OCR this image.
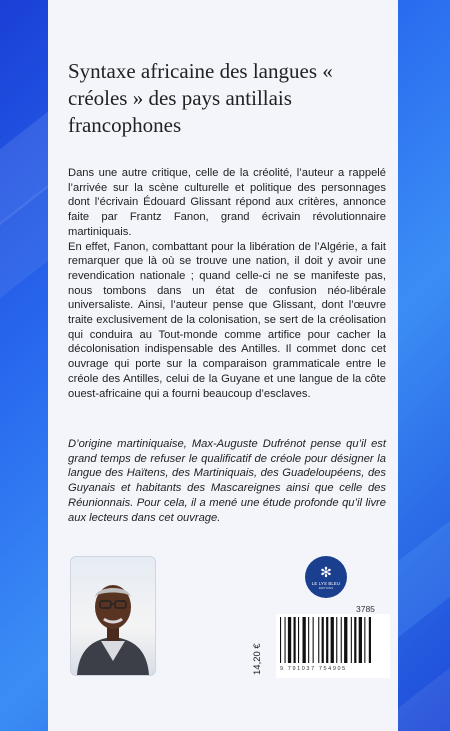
Syntaxe africaine des langues « créoles » des pays antillais francophones

Dans une autre critique, celle de la créolité, l’auteur a rappelé l’arrivée sur la scène culturelle et politique des personnages dont l’écrivain Édouard Glissant répond aux critères, annonce faite par Frantz Fanon, grand écrivain révolutionnaire martiniquais.

En effet, Fanon, combattant pour la libération de l’Algérie, a fait remarquer que là où se trouve une nation, il doit y avoir une revendication nationale ; quand celle-ci ne se manifeste pas, nous tombons dans un état de confusion néo-libérale universaliste. Ainsi, l’auteur pense que Glissant, dont l’œuvre traite exclusivement de la colonisation, se sert de la créolisation qui conduira au Tout-monde comme artifice pour cacher la décolonisation indispensable des Antilles. Il commet donc cet ouvrage qui porte sur la comparaison grammaticale entre le créole des Antilles, celui de la Guyane et une langue de la côte ouest-africaine qui a fourni beaucoup d’esclaves.

D’origine martiniquaise, Max-Auguste Dufrénot pense qu’il est grand temps de refuser le qualificatif de créole pour désigner la langue des Haïtens, des Martiniquais, des Guadeloupéens, des Guyanais et habitants des Mascareignes ainsi que celle des Réunionnais. Pour cela, il a mené une étude profonde qu’il livre aux lecteurs dans cet ouvrage.
✻
LE LYS BLEU
ÉDITIONS
3785
14,20 €	9 791037 754905
